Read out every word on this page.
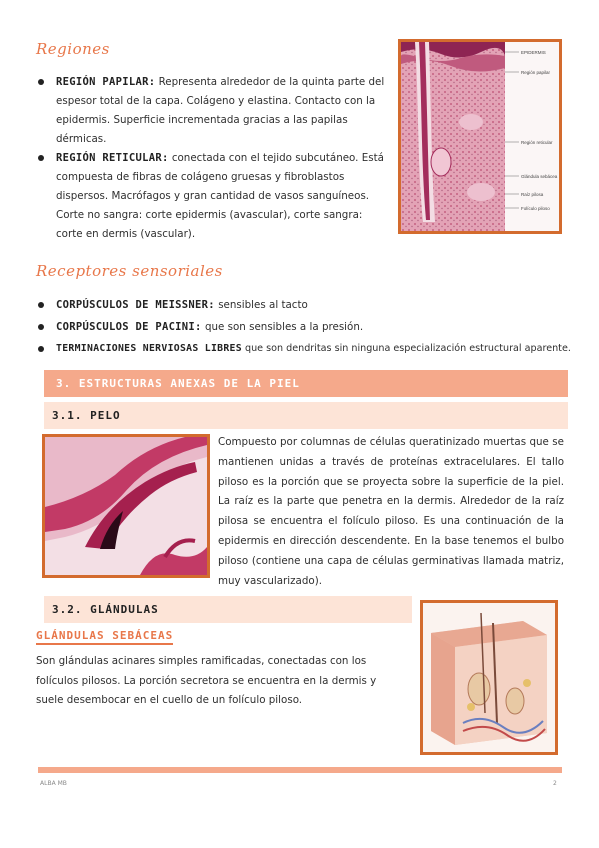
Regiones
REGIÓN PAPILAR: Representa alrededor de la quinta parte del espesor total de la capa. Colágeno y elastina. Contacto con la epidermis. Superficie incrementada gracias a las papilas dérmicas.
REGIÓN RETICULAR: conectada con el tejido subcutáneo. Está compuesta de fibras de colágeno gruesas y fibroblastos dispersos. Macrófagos y gran cantidad de vasos sanguíneos. Corte no sangra: corte epidermis (avascular), corte sangra: corte en dermis (vascular).
EPIDERMIS
Región papilar
Región reticular
Glándula sebácea
Raíz pilosa
Folículo piloso
Receptores sensoriales
CORPÚSCULOS DE MEISSNER: sensibles al tacto
CORPÚSCULOS DE PACINI: que son sensibles a la presión.
TERMINACIONES NERVIOSAS LIBRES que son dendritas sin ninguna especialización estructural aparente.
3. ESTRUCTURAS ANEXAS DE LA PIEL
3.1. PELO
Compuesto por columnas de células queratinizado muertas que se mantienen unidas a través de proteínas extracelulares. El tallo piloso es la porción que se proyecta sobre la superficie de la piel. La raíz es la parte que penetra en la dermis. Alrededor de la raíz pilosa se encuentra el folículo piloso. Es una continuación de la epidermis en dirección descendente. En la base tenemos el bulbo piloso (contiene una capa de células germinativas llamada matriz, muy vascularizado).
3.2. GLÁNDULAS
GLÁNDULAS SEBÁCEAS
Son glándulas acinares simples ramificadas, conectadas con los folículos pilosos. La porción secretora se encuentra en la dermis y suele desembocar en el cuello de un folículo piloso.
ALBA MB	2
